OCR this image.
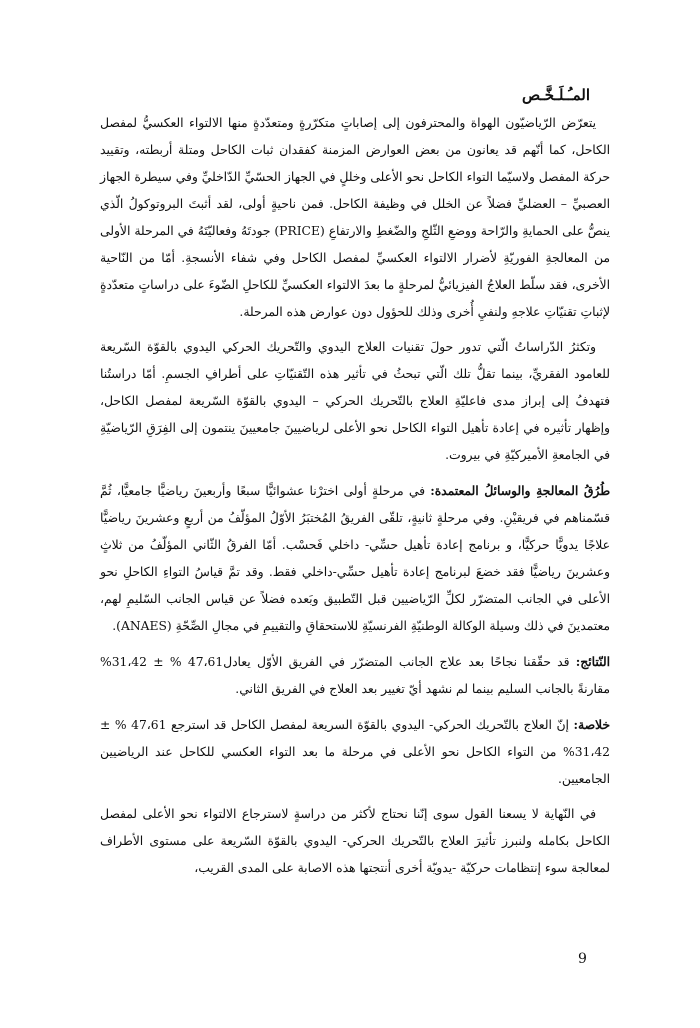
المـُـلَـخَّـص

يتعرّض الرّياضيّون الهواة والمحترفون إلى إصاباتٍ متكرّرةٍ ومتعدّدةٍ منها الالتواء العكسيُّ لمفصل الكاحل، كما أنّهم قد يعانون من بعض العوارض المزمنة كفقدان ثبات الكاحل ومتلة أربطته، وتقييد حركة المفصل ولاسيّما التواء الكاحل نحو الأعلى وخللٍ في الجهاز الحسّيِّ الدّاخليِّ وفي سيطرة الجهاز العصبيِّ – العضليِّ فضلاً عن الخلل في وظيفة الكاحل. فمن ناحيةٍ أولى، لقد أثبتَ البروتوكولُ الّذي ينصُّ على الحمايةِ والرّاحة ووضعِ الثّلجِ والضّغطِ والارتفاعِ (PRICE) جودتَهُ وفعاليّتَهُ في المرحلة الأولى من المعالجةِ الفوريّةِ لأضرار الالتواء العكسيِّ لمفصل الكاحل وفي شفاء الأنسجةِ. أمّا من النّاحية الأخرى، فقد سلّط العلاجُ الفيزيائيُّ لمرحلةٍ ما بعدَ الالتواء العكسيِّ للكاحلِ الضّوءَ على دراساتٍ متعدّدةٍ لإثباتِ تقنيّاتِ علاجهِ ولنفيِ أُخرى وذلك للحؤول دون عوارض هذه المرحلة.

وتكثرُ الدّراساتُ الّتي تدور حولَ تقنيات العلاج اليدوي والتّحريك الحركي اليدوي بالقوّة السّريعة للعامود الفقريِّ، بينما تقلُّ تلك الّتي تبحثُ في تأثير هذه التّقنيّاتِ على أطرافِ الجسمِ. أمّا دراستُنا فتهدفُ إلى إبراز مدى فاعليّةِ العلاج بالتّحريك الحركي – اليدوي بالقوّة السّريعة لمفصل الكاحل، وإظهار تأثيره في إعادة تأهيل التواء الكاحل نحو الأعلى لرياضيينَ جامعيينَ ينتمون إلى الفِرَقِ الرّياضيّةِ في الجامعةِ الأميركيّةِ في بيروت.

طُرُقُ المعالجةِ والوسائلُ المعتمدة: في مرحلةٍ أولى اخترْنا عشوائيًّا سبعًا وأربعينَ رياضيًّا جامعيًّا، ثُمَّ قسّمناهم في فريقيْنِ. وفي مرحلةٍ ثانيةٍ، تلقّى الفريقُ المُختبَرُ الأوّلُ المؤلّفُ من أربعٍ وعشرينَ رياضيًّا علاجًا يدويًّا حركيًّا، و برنامج إعادة تأهيل حسِّي- داخلي فَحسْب. أمّا الفرقُ الثّاني المؤلّفُ من ثلاثٍ وعشرينَ رياضيًّا فقد خضعَ لبرنامج إعادة تأهيل حسِّي-داخلي فقط. وقد تمَّ قياسُ التواءِ الكاحلِ نحو الأعلى في الجانب المتضرّر لكلِّ الرّياضيين قبل التّطبيق وبَعده فضلاً عن قياس الجانب السّليمِ لهم، معتمدينَ في ذلك وسيلة الوكالة الوطنيّةِ الفرنسيّةِ للاستحقاقِ والتقييمِ في مجالِ الصِّحّةِ (ANAES).

النّتائج: قد حقّقنا نجاحًا بعد علاج الجانب المتضرّر في الفريق الأوّل يعادل47،61 % ± 31،42% مقارنةً بالجانب السليم بينما لم نشهد أيّ تغيير بعد العلاج في الفريق الثاني.

خلاصة: إنّ العلاج بالتّحريك الحركي- اليدوي بالقوّة السريعة لمفصل الكاحل قد استرجع 47،61 % ± 31،42% من التواء الكاحل نحو الأعلى في مرحلة ما بعد التواء العكسي للكاحل عند الرياضيين الجامعيين.

في النّهاية لا يسعنا القول سوى إنّنا نحتاج لأكثر من دراسةٍ لاسترجاع الالتواء نحو الأعلى لمفصل الكاحل بكامله ولنبرز تأثيرَ العلاج بالتّحريك الحركي- اليدوي بالقوّة السّريعة على مستوى الأطراف لمعالجة سوء إنتظامات حركيّة -يدويّة أخرى أنتجتها هذه الاصابة على المدى القريب،

9
